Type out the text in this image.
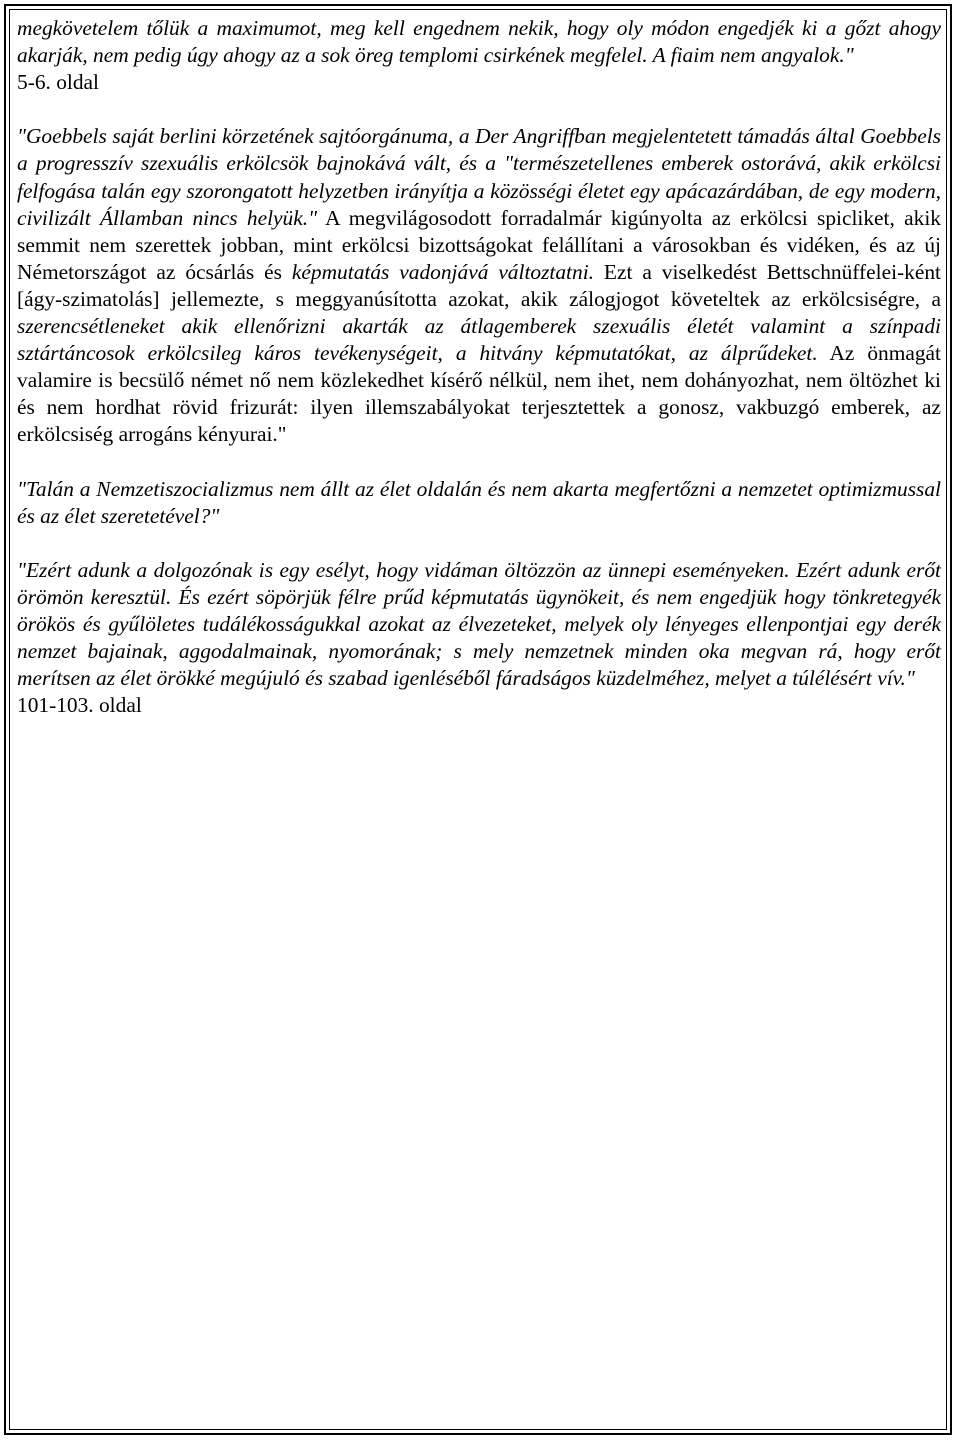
megkövetelem tőlük a maximumot, meg kell engednem nekik, hogy oly módon engedjék ki a gőzt ahogy akarják, nem pedig úgy ahogy az a sok öreg templomi csirkének megfelel. A fiaim nem angyalok."

5-6. oldal

"Goebbels saját berlini körzetének sajtóorgánuma, a Der Angriffban megjelentetett támadás által Goebbels a progresszív szexuális erkölcsök bajnokává vált, és a "természetellenes emberek ostorává, akik erkölcsi felfogása talán egy szorongatott helyzetben irányítja a közösségi életet egy apácazárdában, de egy modern, civilizált Államban nincs helyük." A megvilágosodott forradalmár kigúnyolta az erkölcsi spicliket, akik semmit nem szerettek jobban, mint erkölcsi bizottságokat felállítani a városokban és vidéken, és az új Németországot az ócsárlás és képmutatás vadonjává változtatni. Ezt a viselkedést Bettschnüffelei-ként [ágy-szimatolás] jellemezte, s meggyanúsította azokat, akik zálogjogot követeltek az erkölcsiségre, a szerencsétleneket akik ellenőrizni akarták az átlagemberek szexuális életét valamint a színpadi sztártáncosok erkölcsileg káros tevékenységeit, a hitvány képmutatókat, az álprűdeket. Az önmagát valamire is becsülő német nő nem közlekedhet kísérő nélkül, nem ihet, nem dohányozhat, nem öltözhet ki és nem hordhat rövid frizurát: ilyen illemszabályokat terjesztettek a gonosz, vakbuzgó emberek, az erkölcsiség arrogáns kényurai."

"Talán a Nemzetiszocializmus nem állt az élet oldalán és nem akarta megfertőzni a nemzetet optimizmussal és az élet szeretetével?"

"Ezért adunk a dolgozónak is egy esélyt, hogy vidáman öltözzön az ünnepi eseményeken. Ezért adunk erőt örömön keresztül. És ezért söpörjük félre prűd képmutatás ügynökeit, és nem engedjük hogy tönkretegyék örökös és gyűlöletes tudálékosságukkal azokat az élvezeteket, melyek oly lényeges ellenpontjai egy derék nemzet bajainak, aggodalmainak, nyomorának; s mely nemzetnek minden oka megvan rá, hogy erőt merítsen az élet örökké megújuló és szabad igenléséből fáradságos küzdelméhez, melyet a túlélésért vív."

101-103. oldal
